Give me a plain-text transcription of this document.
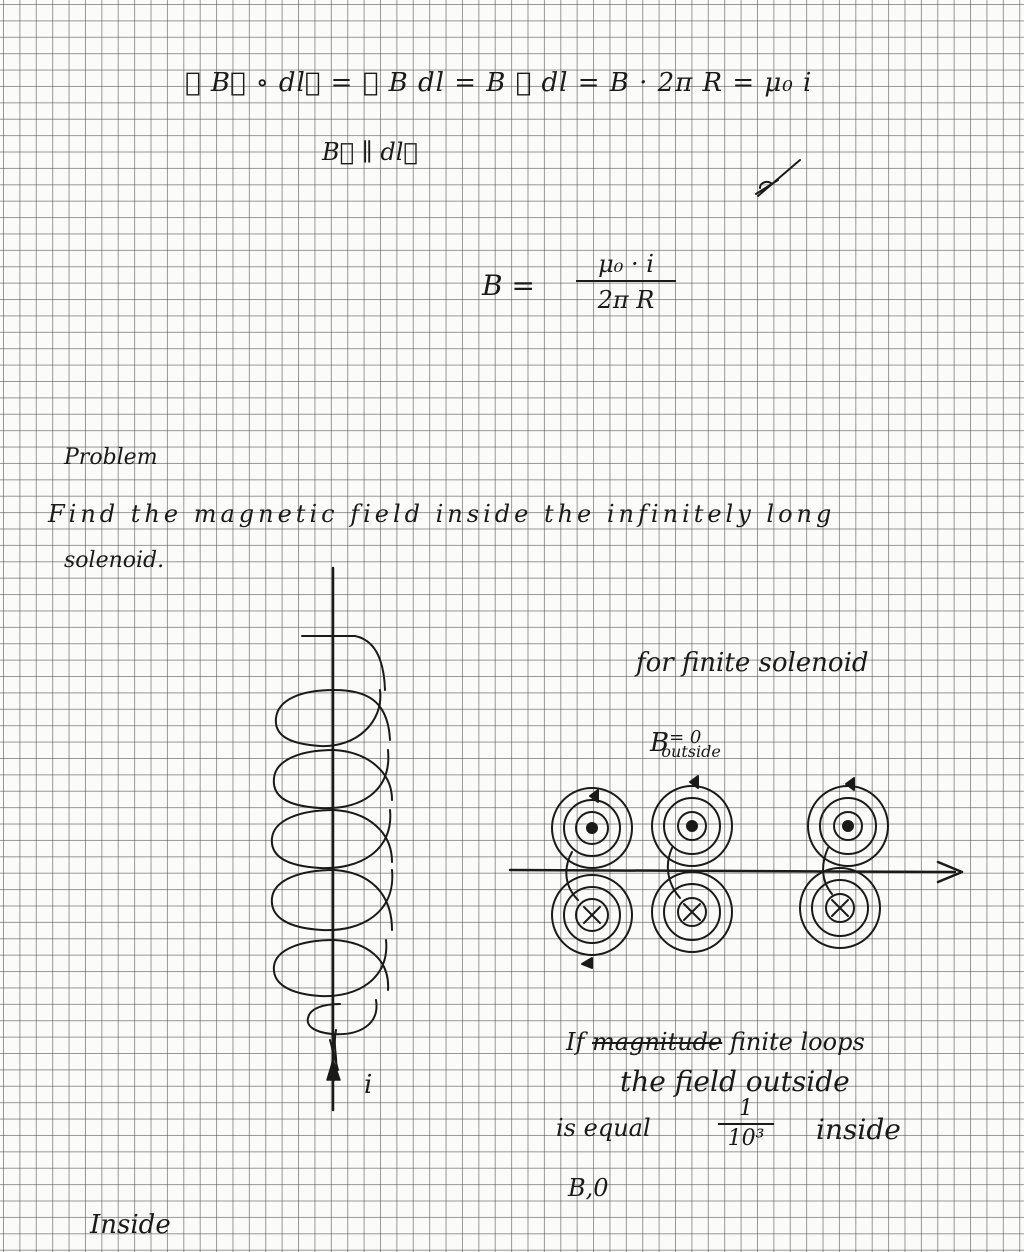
∮ B⃗ ∘ dl⃗ = ∮ B dl = B ∮ dl = B · 2π R = μ₀ i
B⃗ ∥ dl⃗
B =
μ₀ · i
2π R
Problem
Find the magnetic field inside the infinitely long
solenoid.
i
for finite solenoid
$B^{= 0}_{outside}$
If magnitude finite loops
the field outside
is equal
1
10³	inside
B,0
Inside
